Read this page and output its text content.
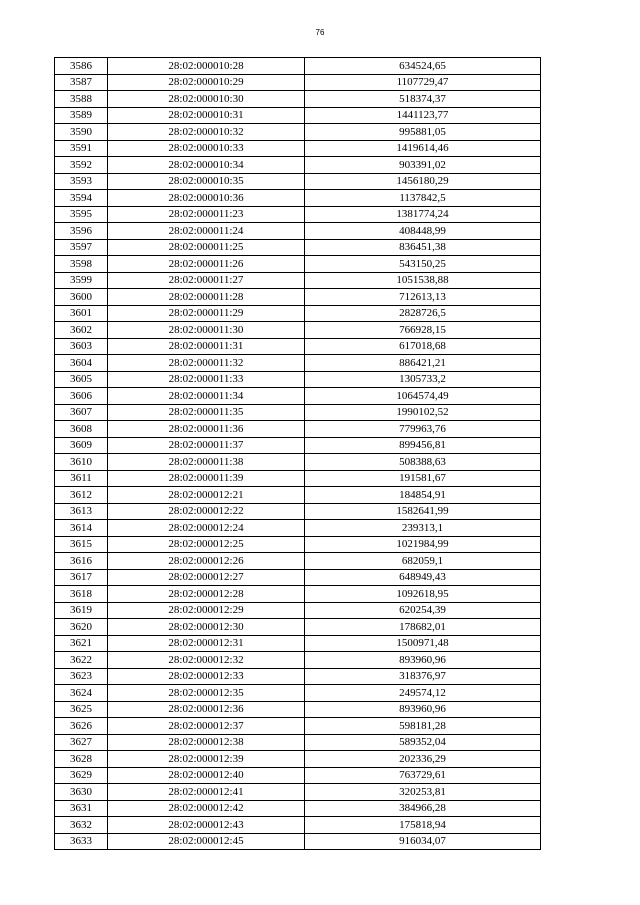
76
3586	28:02:000010:28	634524,65
3587	28:02:000010:29	1107729,47
3588	28:02:000010:30	518374,37
3589	28:02:000010:31	1441123,77
3590	28:02:000010:32	995881,05
3591	28:02:000010:33	1419614,46
3592	28:02:000010:34	903391,02
3593	28:02:000010:35	1456180,29
3594	28:02:000010:36	1137842,5
3595	28:02:000011:23	1381774,24
3596	28:02:000011:24	408448,99
3597	28:02:000011:25	836451,38
3598	28:02:000011:26	543150,25
3599	28:02:000011:27	1051538,88
3600	28:02:000011:28	712613,13
3601	28:02:000011:29	2828726,5
3602	28:02:000011:30	766928,15
3603	28:02:000011:31	617018,68
3604	28:02:000011:32	886421,21
3605	28:02:000011:33	1305733,2
3606	28:02:000011:34	1064574,49
3607	28:02:000011:35	1990102,52
3608	28:02:000011:36	779963,76
3609	28:02:000011:37	899456,81
3610	28:02:000011:38	508388,63
3611	28:02:000011:39	191581,67
3612	28:02:000012:21	184854,91
3613	28:02:000012:22	1582641,99
3614	28:02:000012:24	239313,1
3615	28:02:000012:25	1021984,99
3616	28:02:000012:26	682059,1
3617	28:02:000012:27	648949,43
3618	28:02:000012:28	1092618,95
3619	28:02:000012:29	620254,39
3620	28:02:000012:30	178682,01
3621	28:02:000012:31	1500971,48
3622	28:02:000012:32	893960,96
3623	28:02:000012:33	318376,97
3624	28:02:000012:35	249574,12
3625	28:02:000012:36	893960,96
3626	28:02:000012:37	598181,28
3627	28:02:000012:38	589352,04
3628	28:02:000012:39	202336,29
3629	28:02:000012:40	763729,61
3630	28:02:000012:41	320253,81
3631	28:02:000012:42	384966,28
3632	28:02:000012:43	175818,94
3633	28:02:000012:45	916034,07
